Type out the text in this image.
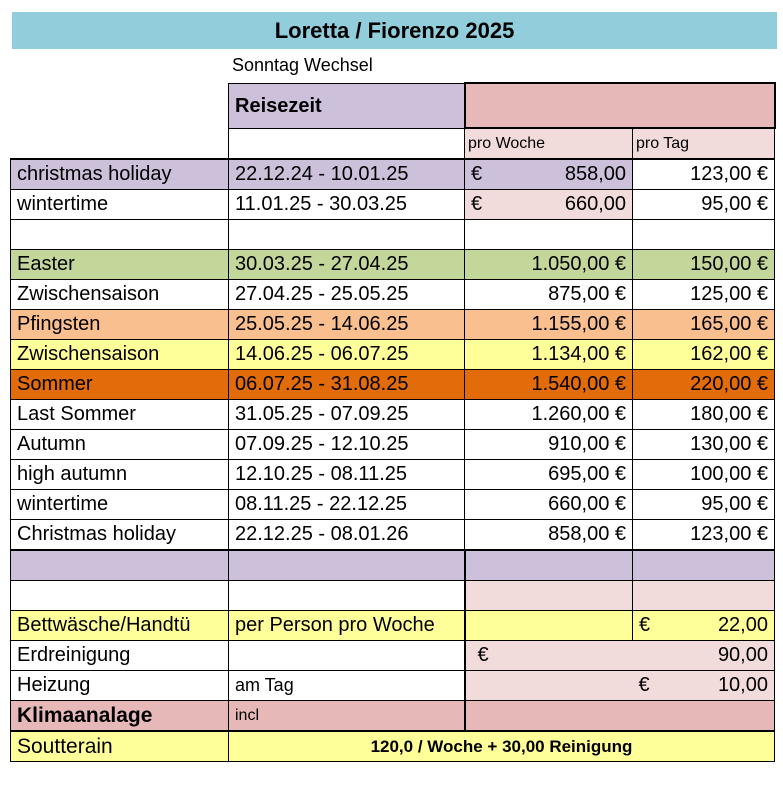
Loretta / Fiorenzo 2025
Sonntag Wechsel
	Reisezeit		
		pro Woche	pro Tag
christmas holiday	22.12.24 - 10.01.25	€ 858,00	123,00 €
wintertime	11.01.25 - 30.03.25	€ 660,00	95,00 €

Easter	30.03.25 - 27.04.25	1.050,00 €	150,00 €
Zwischensaison	27.04.25 - 25.05.25	875,00 €	125,00 €
Pfingsten	25.05.25 - 14.06.25	1.155,00 €	165,00 €
Zwischensaison	14.06.25 - 06.07.25	1.134,00 €	162,00 €
Sommer	06.07.25 - 31.08.25	1.540,00 €	220,00 €
Last Sommer	31.05.25 - 07.09.25	1.260,00 €	180,00 €
Autumn	07.09.25 - 12.10.25	910,00 €	130,00 €
high autumn	12.10.25 - 08.11.25	695,00 €	100,00 €
wintertime	08.11.25 - 22.12.25	660,00 €	95,00 €
Christmas holiday	22.12.25 - 08.01.26	858,00 €	123,00 €

Bettwäsche/Handtü	per Person pro Woche		€ 22,00

Erdreinigung		€ 90,00	

Heizung	am Tag		€ 10,00

Klimaanalage	incl		
Soutterain	120,0 / Woche + 30,00 Reinigung		
